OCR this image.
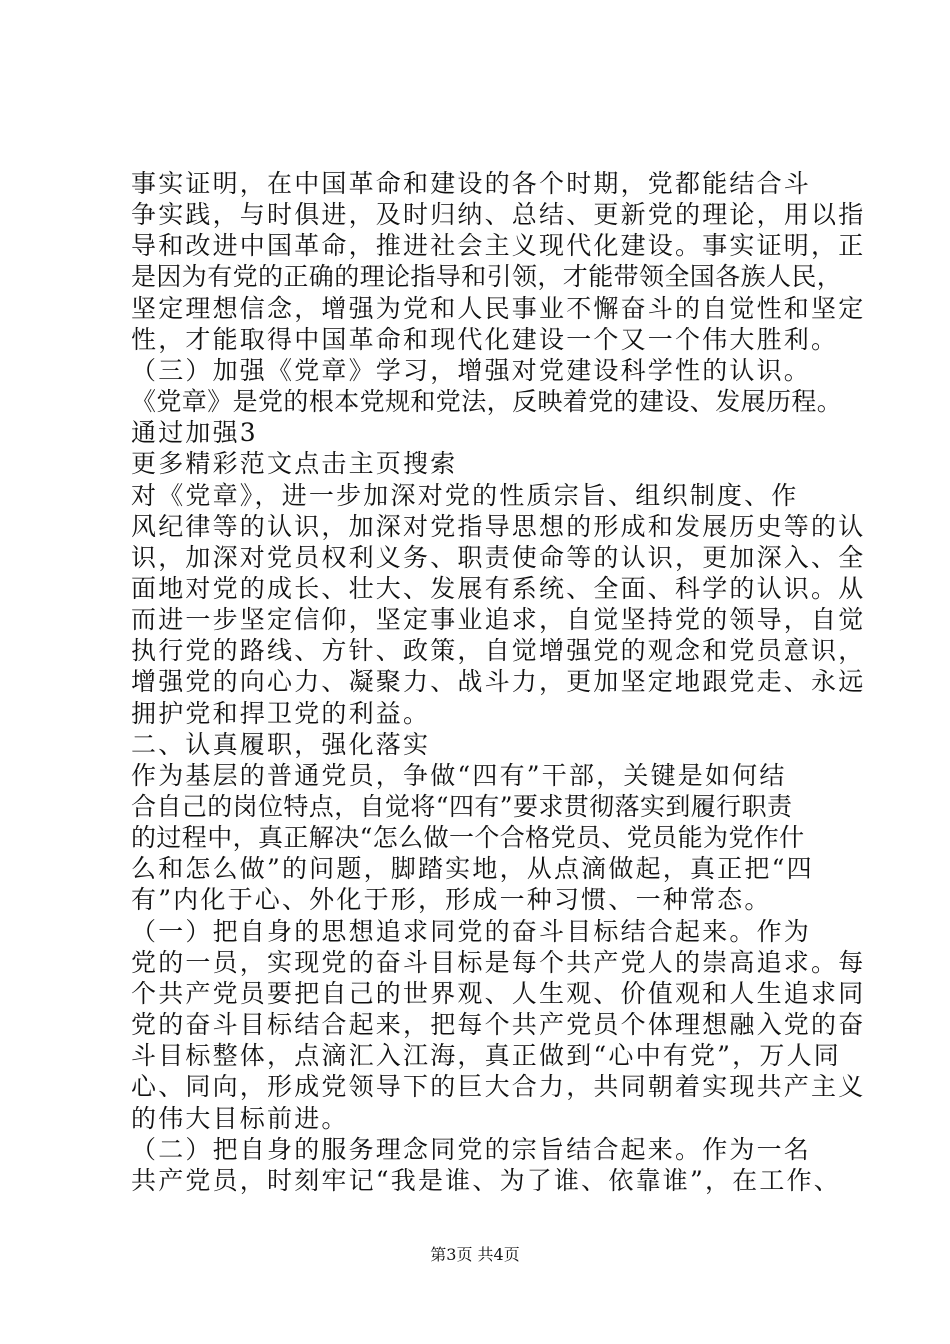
事实证明，在中国革命和建设的各个时期，党都能结合斗
争实践，与时俱进，及时归纳、总结、更新党的理论，用以指
导和改进中国革命，推进社会主义现代化建设。事实证明，正
是因为有党的正确的理论指导和引领，才能带领全国各族人民，
坚定理想信念，增强为党和人民事业不懈奋斗的自觉性和坚定
性，才能取得中国革命和现代化建设一个又一个伟大胜利。
（三）加强《党章》学习，增强对党建设科学性的认识。
《党章》是党的根本党规和党法，反映着党的建设、发展历程。
通过加强3
更多精彩范文点击主页搜索
对《党章》，进一步加深对党的性质宗旨、组织制度、作
风纪律等的认识，加深对党指导思想的形成和发展历史等的认
识，加深对党员权利义务、职责使命等的认识，更加深入、全
面地对党的成长、壮大、发展有系统、全面、科学的认识。从
而进一步坚定信仰，坚定事业追求，自觉坚持党的领导，自觉
执行党的路线、方针、政策，自觉增强党的观念和党员意识，
增强党的向心力、凝聚力、战斗力，更加坚定地跟党走、永远
拥护党和捍卫党的利益。
二、认真履职，强化落实
作为基层的普通党员，争做“四有”干部，关键是如何结
合自己的岗位特点，自觉将“四有”要求贯彻落实到履行职责
的过程中，真正解决“怎么做一个合格党员、党员能为党作什
么和怎么做”的问题，脚踏实地，从点滴做起，真正把“四
有”内化于心、外化于形，形成一种习惯、一种常态。
（一）把自身的思想追求同党的奋斗目标结合起来。作为
党的一员，实现党的奋斗目标是每个共产党人的崇高追求。每
个共产党员要把自己的世界观、人生观、价值观和人生追求同
党的奋斗目标结合起来，把每个共产党员个体理想融入党的奋
斗目标整体，点滴汇入江海，真正做到“心中有党”，万人同
心、同向，形成党领导下的巨大合力，共同朝着实现共产主义
的伟大目标前进。
（二）把自身的服务理念同党的宗旨结合起来。作为一名
共产党员，时刻牢记“我是谁、为了谁、依靠谁”，在工作、
第3页 共4页
